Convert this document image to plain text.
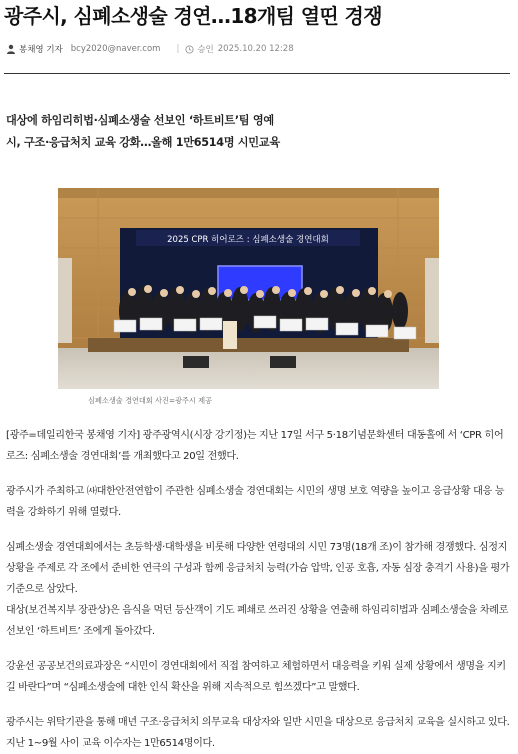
광주시, 심폐소생술 경연…18개팀 열띤 경쟁
봉채영 기자 bcy2020@naver.com | 승인 2025.10.20 12:28
대상에 하임리히법·심폐소생술 선보인 ‘하트비트’팀 영예
시, 구조·응급처치 교육 강화…올해 1만6514명 시민교육
2025 CPR 히어로즈 : 심폐소생술 경연대회
심폐소생술 경연대회 사진=광주시 제공

[광주=데일리한국 봉채영 기자] 광주광역시(시장 강기정)는 지난 17일 서구 5·18기념문화센터 대동홀에 서 ‘CPR 히어로즈: 심폐소생술 경연대회’를 개최했다고 20일 전했다.

광주시가 주최하고 ㈔대한안전연합이 주관한 심폐소생술 경연대회는 시민의 생명 보호 역량을 높이고 응급상황 대응 능력을 강화하기 위해 열렸다.

심폐소생술 경연대회에서는 초등학생·대학생을 비롯해 다양한 연령대의 시민 73명(18개 조)이 참가해 경쟁했다. 심정지 상황을 주제로 각 조에서 준비한 연극의 구성과 함께 응급처치 능력(가슴 압박, 인공 호흡, 자동 심장 충격기 사용)을 평가 기준으로 삼았다.

대상(보건복지부 장관상)은 음식을 먹던 등산객이 기도 폐쇄로 쓰러진 상황을 연출해 하임리히법과 심폐소생술을 차례로 선보인 ‘하트비트’ 조에게 돌아갔다.

강윤선 공공보건의료과장은 “시민이 경연대회에서 직접 참여하고 체험하면서 대응력을 키워 실제 상황에서 생명을 지키길 바란다”며 “심폐소생술에 대한 인식 확산을 위해 지속적으로 힘쓰겠다”고 말했다.

광주시는 위탁기관을 통해 매년 구조·응급처치 의무교육 대상자와 일반 시민을 대상으로 응급처치 교육을 실시하고 있다. 지난 1~9월 사이 교육 이수자는 1만6514명이다.
